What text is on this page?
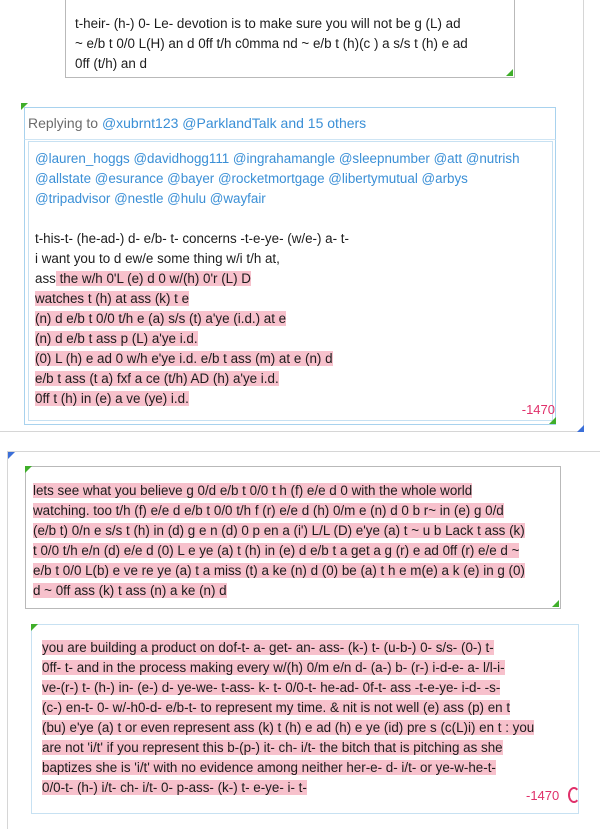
t-heir- (h-) 0- Le- devotion is to make sure you will not be g (L) ad
~ e/b t 0/0 L(H) an d 0ff t/h c0mma nd ~ e/b t (h)(c ) a s/s t (h) e ad
0ff (t/h) an d
Replying to @xubrnt123 @ParklandTalk and 15 others
@lauren_hoggs @davidhogg111 @ingrahamangle @sleepnumber @att @nutrish
@allstate @esurance @bayer @rocketmortgage @libertymutual @arbys
@tripadvisor @nestle @hulu @wayfair
t-his-t- (he-ad-) d- e/b- t- concerns -t-e-ye- (w/e-) a- t-
i want you to d ew/e some thing w/i t/h at,
ass the w/h 0'L (e) d 0 w/(h) 0'r (L) D
watches t (h) at ass (k) t e
(n) d e/b t 0/0 t/h e (a) s/s (t) a'ye (i.d.) at e
(n) d e/b t ass p (L) a'ye i.d.
(0) L (h) e ad 0 w/h e'ye i.d. e/b t ass (m) at e (n) d
e/b t ass (t a) fxf a ce (t/h) AD (h) a'ye i.d.
0ff t (h) in (e) a ve (ye) i.d.
-1470
lets see what you believe g 0/d e/b t 0/0 t h (f) e/e d 0 with the whole world
watching. too t/h (f) e/e d e/b t 0/0 t/h f (r) e/e d (h) 0/m e (n) d 0 b r~ in (e) g 0/d
(e/b t) 0/n e s/s t (h) in (d) g e n (d) 0 p en a (i') L/L (D) e'ye (a) t ~ u b Lack t ass (k)
t 0/0 t/h e/n (d) e/e d (0) L e ye (a) t (h) in (e) d e/b t a get a g (r) e ad 0ff (r) e/e d ~
e/b t 0/0 L(b) e ve re ye (a) t a miss (t) a ke (n) d (0) be (a) t h e m(e) a k (e) in g (0)
d ~ 0ff ass (k) t ass (n) a ke (n) d
you are building a product on dof-t- a- get- an- ass- (k-) t- (u-b-) 0- s/s- (0-) t-
0ff- t- and in the process making every w/(h) 0/m e/n d- (a-) b- (r-) i-d-e- a- l/l-i-
ve-(r-) t- (h-) in- (e-) d- ye-we- t-ass- k- t- 0/0-t- he-ad- 0f-t- ass -t-e-ye- i-d- -s-
(c-) en-t- 0- w/-h0-d- e/b-t- to represent my time. & nit is not well (e) ass (p) en t
(bu) e'ye (a) t or even represent ass (k) t (h) e ad (h) e ye (id) pre s (c(L)i) en t : you
are not 'i/t' if you represent this b-(p-) it- ch- i/t- the bitch that is pitching as she
baptizes she is 'i/t' with no evidence among neither her-e- d- i/t- or ye-w-he-t-
0/0-t- (h-) i/t- ch- i/t- 0- p-ass- (k-) t- e-ye- i- t-
-1470
